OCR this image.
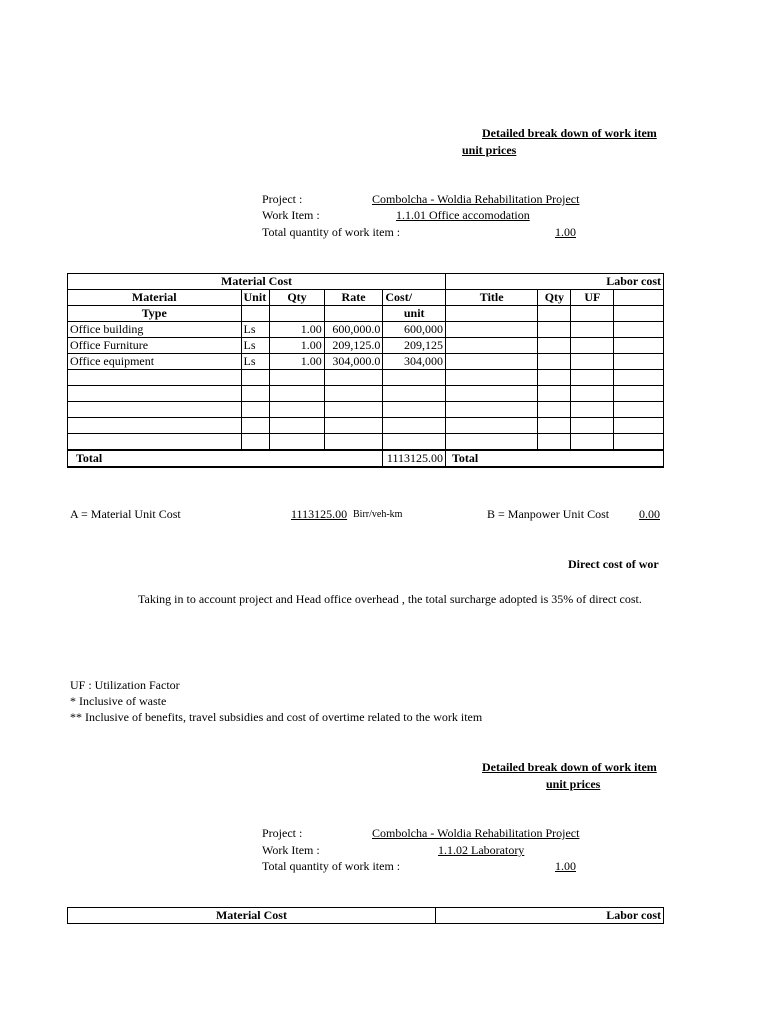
Detailed break down of work item
unit prices
Project :	Combolcha - Woldia Rehabilitation Project
Work Item :	1.1.01 Office accomodation
Total quantity of work item :	1.00
Material Cost					Labor cost			
Material	Unit	Qty	Rate	Cost/	Title	Qty	UF	
Type				unit				
Office building	Ls	1.00	600,000.0	600,000				
Office Furniture	Ls	1.00	209,125.0	209,125				
Office equipment	Ls	1.00	304,000.0	304,000				

Total				1113125.00	Total			
A = Material Unit Cost	1113125.00 Birr/veh-km	B = Manpower Unit Cost 0.00
Direct cost of wor
Taking in to account project and Head office overhead , the total surcharge adopted is 35% of direct cost.
UF : Utilization Factor
* Inclusive of waste
** Inclusive of benefits, travel subsidies and cost of overtime related to the work item
Detailed break down of work item
unit prices
Project :	Combolcha - Woldia Rehabilitation Project
Work Item :	1.1.02 Laboratory
Total quantity of work item :	1.00
Material Cost	Labor cost
